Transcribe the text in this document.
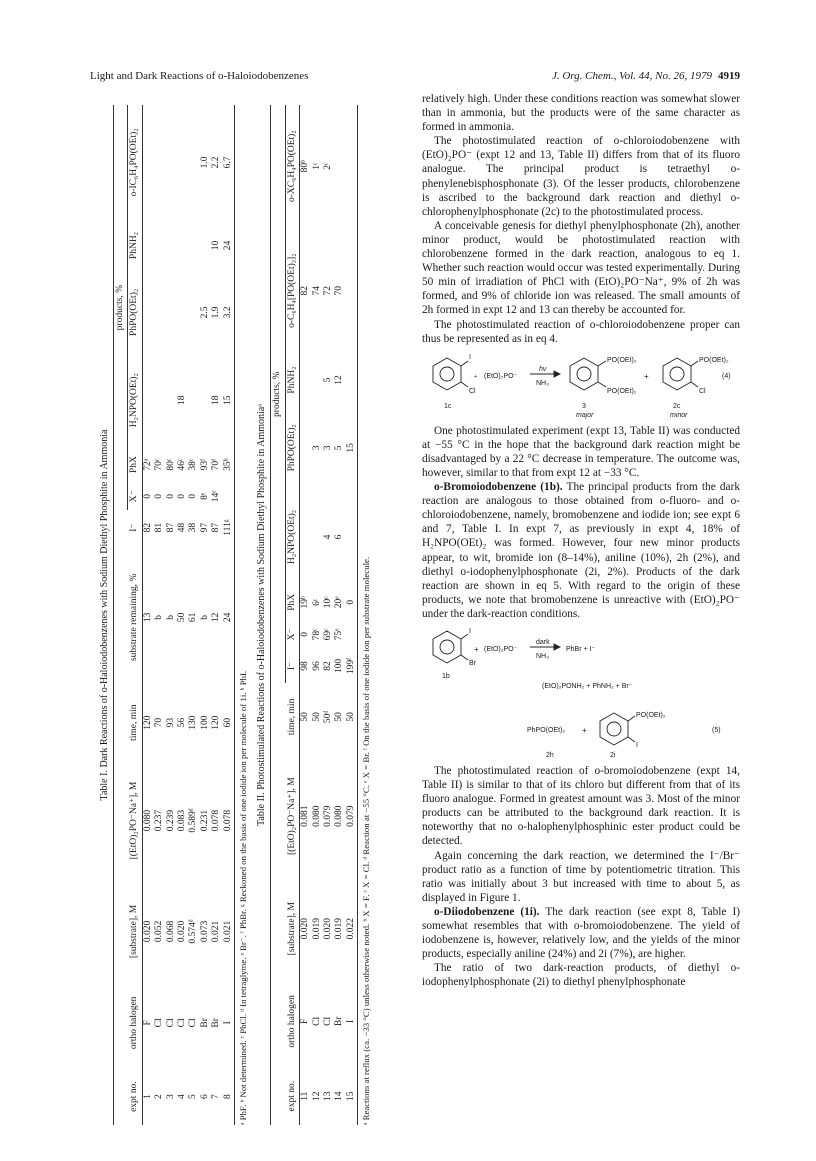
Light and Dark Reactions of o-Haloiodobenzenes	J. Org. Chem., Vol. 44, No. 26, 1979 4919
Table I. Dark Reactions of o-Haloiodobenzenes with Sodium Diethyl Phosphite in Ammonia
							products, %					
expt no.	ortho halogen	[substrate], M	[(EtO)₂PO⁻Na⁺], M	time, min	substrate remaining, %	I⁻	X⁻	PhX	H₂NPO(OEt)₂	PhPO(OEt)₂	PhNH₂	o-IC₆H₄PO(OEt)₂
1	F	0.020	0.080	120	13	82	0	72ᵃ				
2	Cl	0.052	0.237	70	b	81	0	70ᶜ				
3	Cl	0.068	0.239	93	b	87	0	80ᶜ				
4	Cl	0.020	0.083	56	50	48	0	46ᶜ	18			
5	Cl	0.574ᵈ	0.589ᵈ	130	61	38	0	38ᶜ				
6	Br	0.073	0.231	100	b	97	8ᵉ	93ᶠ		2.5		1.0
7	Br	0.021	0.078	120	12	87	14ᵉ	70ᶠ	18	1.9	10	2.2
8	I	0.021	0.078	60	24	111ᵍ		35ʰ	15	3.2	24	6.7
ᵃ PhF. ᵇ Not determined. ᶜ PhCl. ᵈ In tetraglyme. ᵉ Br⁻. ᶠ PhBr. ᵍ Reckoned on the basis of one iodide ion per molecule of 1i. ʰ PhI.
Table II. Photostimulated Reactions of o-Haloiodobenzenes with Sodium Diethyl Phosphite in Ammoniaᵃ
					products, %							
expt no.	ortho halogen	[substrate], M	[(EtO)₂PO⁻Na⁺], M	time, min	I⁻	X⁻	PhX	H₂NPO(OEt)₂	PhPO(OEt)₂	PhNH₂	o-C₆H₄[PO(OEt)₂]₂	o-XC₆H₄PO(OEt)₂
11	F	0.020	0.081	50	98	0	19ᵇ				82	80ᵇ
12	Cl	0.019	0.080	50	96	78ᶜ	6ᶜ		3		74	1ᶜ
13	Cl	0.020	0.079	50ᵈ	82	69ᶜ	10ᶜ	4	3	5	72	2ᶜ
14	Br	0.019	0.080	50	100	75ᵉ	20ᵉ	6	5	12	70	
15	I	0.022	0.079	50	199ᶠ		0		15			
ᵃ Reactions at reflux (ca. −33 °C) unless otherwise noted. ᵇ X = F. ᶜ X = Cl. ᵈ Reaction at −55 °C. ᵉ X = Br. ᶠ On the basis of one iodide ion per substrate molecule.

relatively high. Under these conditions reaction was somewhat slower than in ammonia, but the products were of the same character as formed in ammonia.

The photostimulated reaction of o-chloroiodobenzene with (EtO)₂PO⁻ (expt 12 and 13, Table II) differs from that of its fluoro analogue. The principal product is tetraethyl o-phenylenebisphosphonate (3). Of the lesser products, chlorobenzene is ascribed to the background dark reaction and diethyl o-chlorophenylphosphonate (2c) to the photostimulated process.

A conceivable genesis for diethyl phenylphosphonate (2h), another minor product, would be photostimulated reaction with chlorobenzene formed in the dark reaction, analogous to eq 1. Whether such reaction would occur was tested experimentally. During 50 min of irradiation of PhCl with (EtO)₂PO⁻Na⁺, 9% of 2h was formed, and 9% of chloride ion was released. The small amounts of 2h formed in expt 12 and 13 can thereby be accounted for.

The photostimulated reaction of o-chloroiodobenzene proper can thus be represented as in eq 4.

I
Cl
1c
+ (EtO)₂PO⁻
hν
NH₃
PO(OEt)₂
PO(OEt)₂
3
major
+
PO(OEt)₂
Cl
2c
minor
(4)

One photostimulated experiment (expt 13, Table II) was conducted at −55 °C in the hope that the background dark reaction might be disadvantaged by a 22 °C decrease in temperature. The outcome was, however, similar to that from expt 12 at −33 °C.

o-Bromoiodobenzene (1b). The principal products from the dark reaction are analogous to those obtained from o-fluoro- and o-chloroiodobenzene, namely, bromobenzene and iodide ion; see expt 6 and 7, Table I. In expt 7, as previously in expt 4, 18% of H₂NPO(OEt)₂ was formed. However, four new minor products appear, to wit, bromide ion (8–14%), aniline (10%), 2h (2%), and diethyl o-iodophenylphosphonate (2i, 2%). Products of the dark reaction are shown in eq 5. With regard to the origin of these products, we note that bromobenzene is unreactive with (EtO)₂PO⁻ under the dark-reaction conditions.

I
Br
1b
+ (EtO)₂PO⁻
dark
NH₃
PhBr + I⁻
(EtO)₂PONH₂ + PhNH₂ + Br⁻
PhPO(OEt)₂ +
PO(OEt)₂
I
2h	2i
(5)

The photostimulated reaction of o-bromoiodobenzene (expt 14, Table II) is similar to that of its chloro but different from that of its fluoro analogue. Formed in greatest amount was 3. Most of the minor products can be attributed to the background dark reaction. It is noteworthy that no o-halophenylphosphinic ester product could be detected.

Again concerning the dark reaction, we determined the I⁻/Br⁻ product ratio as a function of time by potentiometric titration. This ratio was initially about 3 but increased with time to about 5, as displayed in Figure 1.

o-Diiodobenzene (1i). The dark reaction (see expt 8, Table I) somewhat resembles that with o-bromoiodobenzene. The yield of iodobenzene is, however, relatively low, and the yields of the minor products, especially aniline (24%) and 2i (7%), are higher.

The ratio of two dark-reaction products, of diethyl o-iodophenylphosphonate (2i) to diethyl phenylphosphonate
